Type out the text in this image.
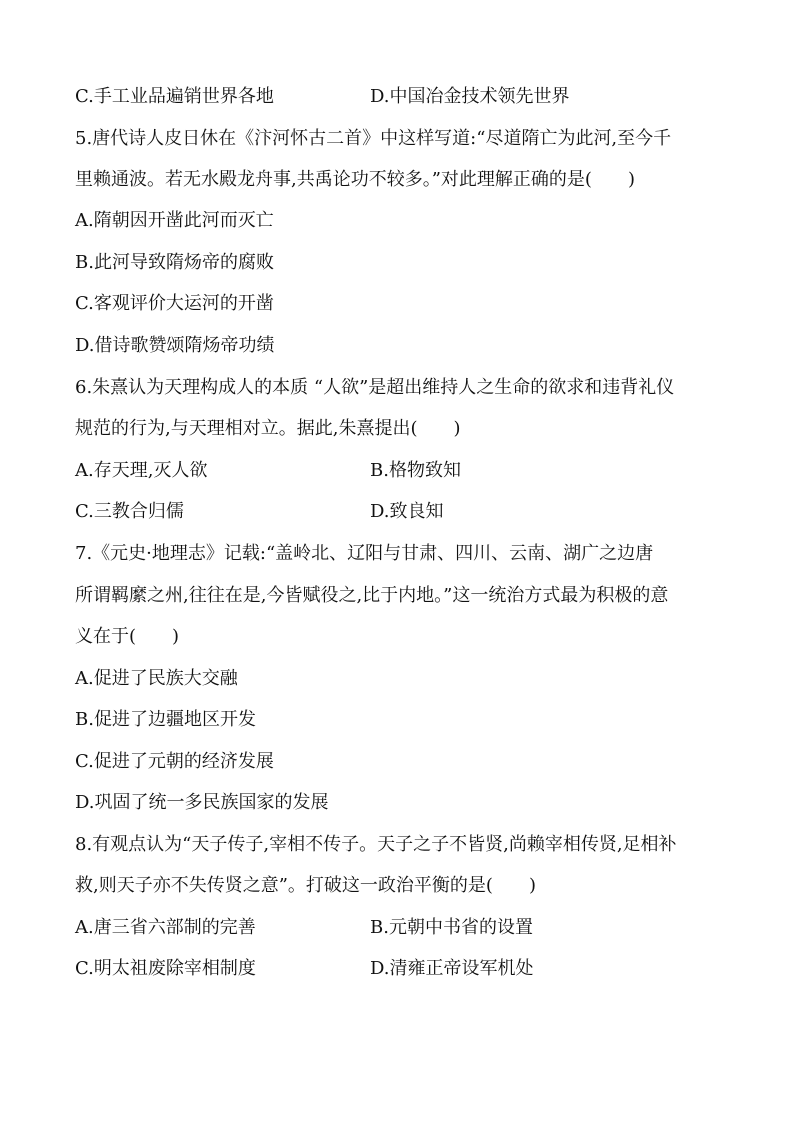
C.手工业品遍销世界各地	D.中国冶金技术领先世界
5.唐代诗人皮日休在《汴河怀古二首》中这样写道:“尽道隋亡为此河,至今千
里赖通波。若无水殿龙舟事,共禹论功不较多。”对此理解正确的是(　　)
A.隋朝因开凿此河而灭亡
B.此河导致隋炀帝的腐败
C.客观评价大运河的开凿
D.借诗歌赞颂隋炀帝功绩
6.朱熹认为天理构成人的本质 “人欲”是超出维持人之生命的欲求和违背礼仪
规范的行为,与天理相对立。据此,朱熹提出(　　)
A.存天理,灭人欲	B.格物致知
C.三教合归儒	D.致良知
7.《元史·地理志》记载:“盖岭北、辽阳与甘肃、四川、云南、湖广之边唐
所谓羁縻之州,往往在是,今皆赋役之,比于内地。”这一统治方式最为积极的意
义在于(　　)
A.促进了民族大交融
B.促进了边疆地区开发
C.促进了元朝的经济发展
D.巩固了统一多民族国家的发展
8.有观点认为“天子传子,宰相不传子。天子之子不皆贤,尚赖宰相传贤,足相补
救,则天子亦不失传贤之意”。打破这一政治平衡的是(　　)
A.唐三省六部制的完善	B.元朝中书省的设置
C.明太祖废除宰相制度	D.清雍正帝设军机处
